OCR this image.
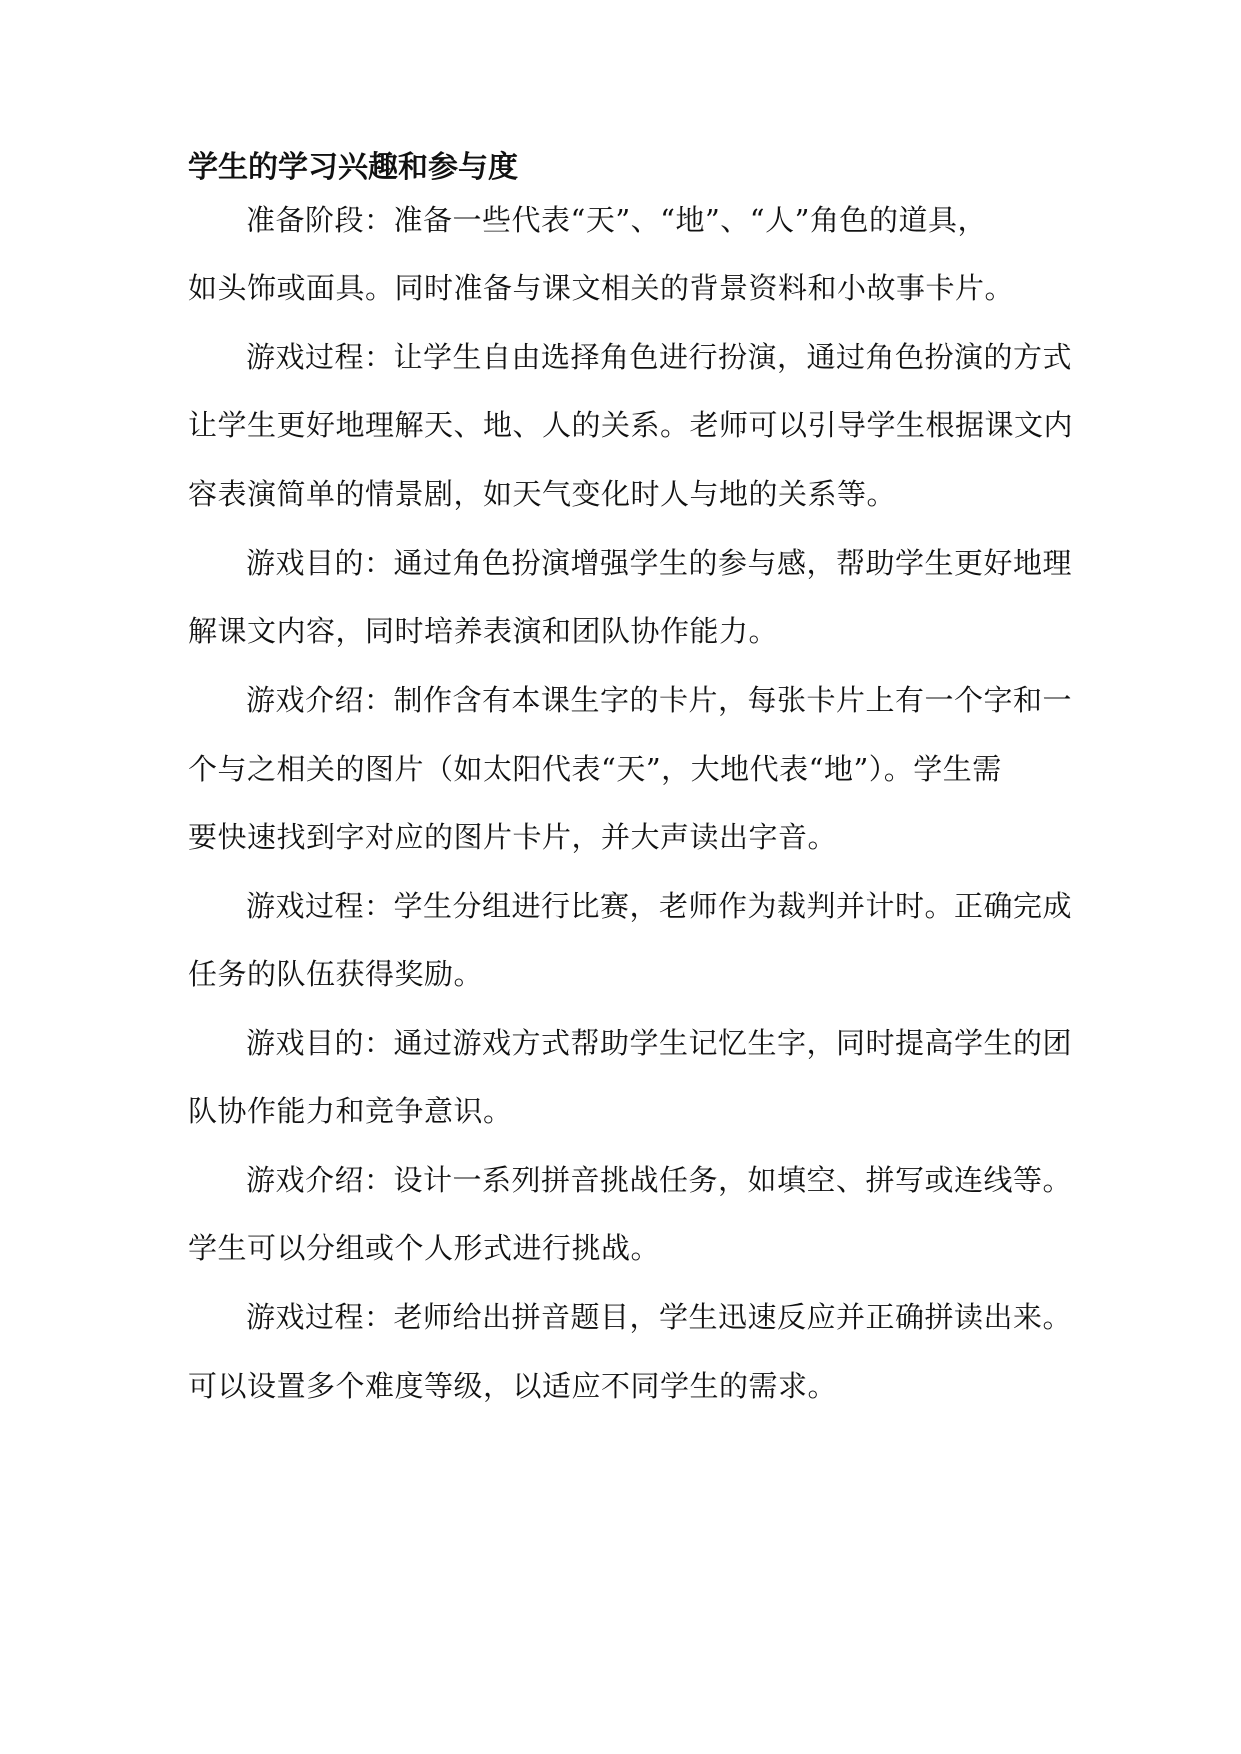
学生的学习兴趣和参与度
准备阶段：准备一些代表“天”、“地”、“人”角色的道具，
如头饰或面具。同时准备与课文相关的背景资料和小故事卡片。
游戏过程：让学生自由选择角色进行扮演，通过角色扮演的方式
让学生更好地理解天、地、人的关系。老师可以引导学生根据课文内
容表演简单的情景剧，如天气变化时人与地的关系等。
游戏目的：通过角色扮演增强学生的参与感，帮助学生更好地理
解课文内容，同时培养表演和团队协作能力。
游戏介绍：制作含有本课生字的卡片，每张卡片上有一个字和一
个与之相关的图片（如太阳代表“天”，大地代表“地”）。学生需
要快速找到字对应的图片卡片，并大声读出字音。
游戏过程：学生分组进行比赛，老师作为裁判并计时。正确完成
任务的队伍获得奖励。
游戏目的：通过游戏方式帮助学生记忆生字，同时提高学生的团
队协作能力和竞争意识。
游戏介绍：设计一系列拼音挑战任务，如填空、拼写或连线等。
学生可以分组或个人形式进行挑战。
游戏过程：老师给出拼音题目，学生迅速反应并正确拼读出来。
可以设置多个难度等级，以适应不同学生的需求。
